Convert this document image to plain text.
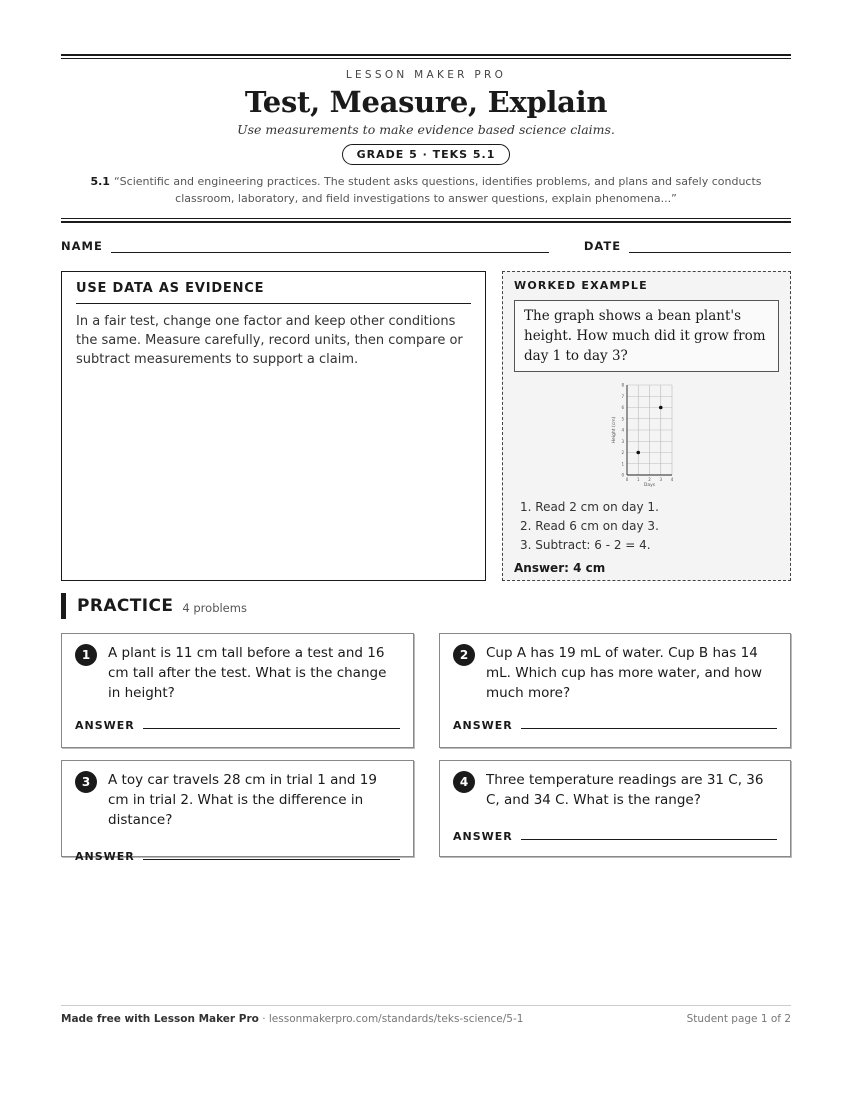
LESSON MAKER PRO
Test, Measure, Explain
Use measurements to make evidence based science claims.
GRADE 5 · TEKS 5.1
5.1 “Scientific and engineering practices. The student asks questions, identifies problems, and plans and safely conducts classroom, laboratory, and field investigations to answer questions, explain phenomena...”
NAME	DATE
USE DATA AS EVIDENCE

In a fair test, change one factor and keep other conditions the same. Measure carefully, record units, then compare or subtract measurements to support a claim.

WORKED EXAMPLE
The graph shows a bean plant's height. How much did it grow from day 1 to day 3?
0 1 2 3 4
0
1
2
3
4
5
6
7
8
Days
Height (cm)
1. Read 2 cm on day 1.
2. Read 6 cm on day 3.
3. Subtract: 6 - 2 = 4.
Answer: 4 cm
PRACTICE 4 problems
1	A plant is 11 cm tall before a test and 16 cm tall after the test. What is the change in height?
ANSWER
2	Cup A has 19 mL of water. Cup B has 14 mL. Which cup has more water, and how much more?
ANSWER
3	A toy car travels 28 cm in trial 1 and 19 cm in trial 2. What is the difference in distance?
ANSWER
4	Three temperature readings are 31 C, 36 C, and 34 C. What is the range?
ANSWER
Made free with Lesson Maker Pro · lessonmakerpro.com/standards/teks-science/5-1	Student page 1 of 2
